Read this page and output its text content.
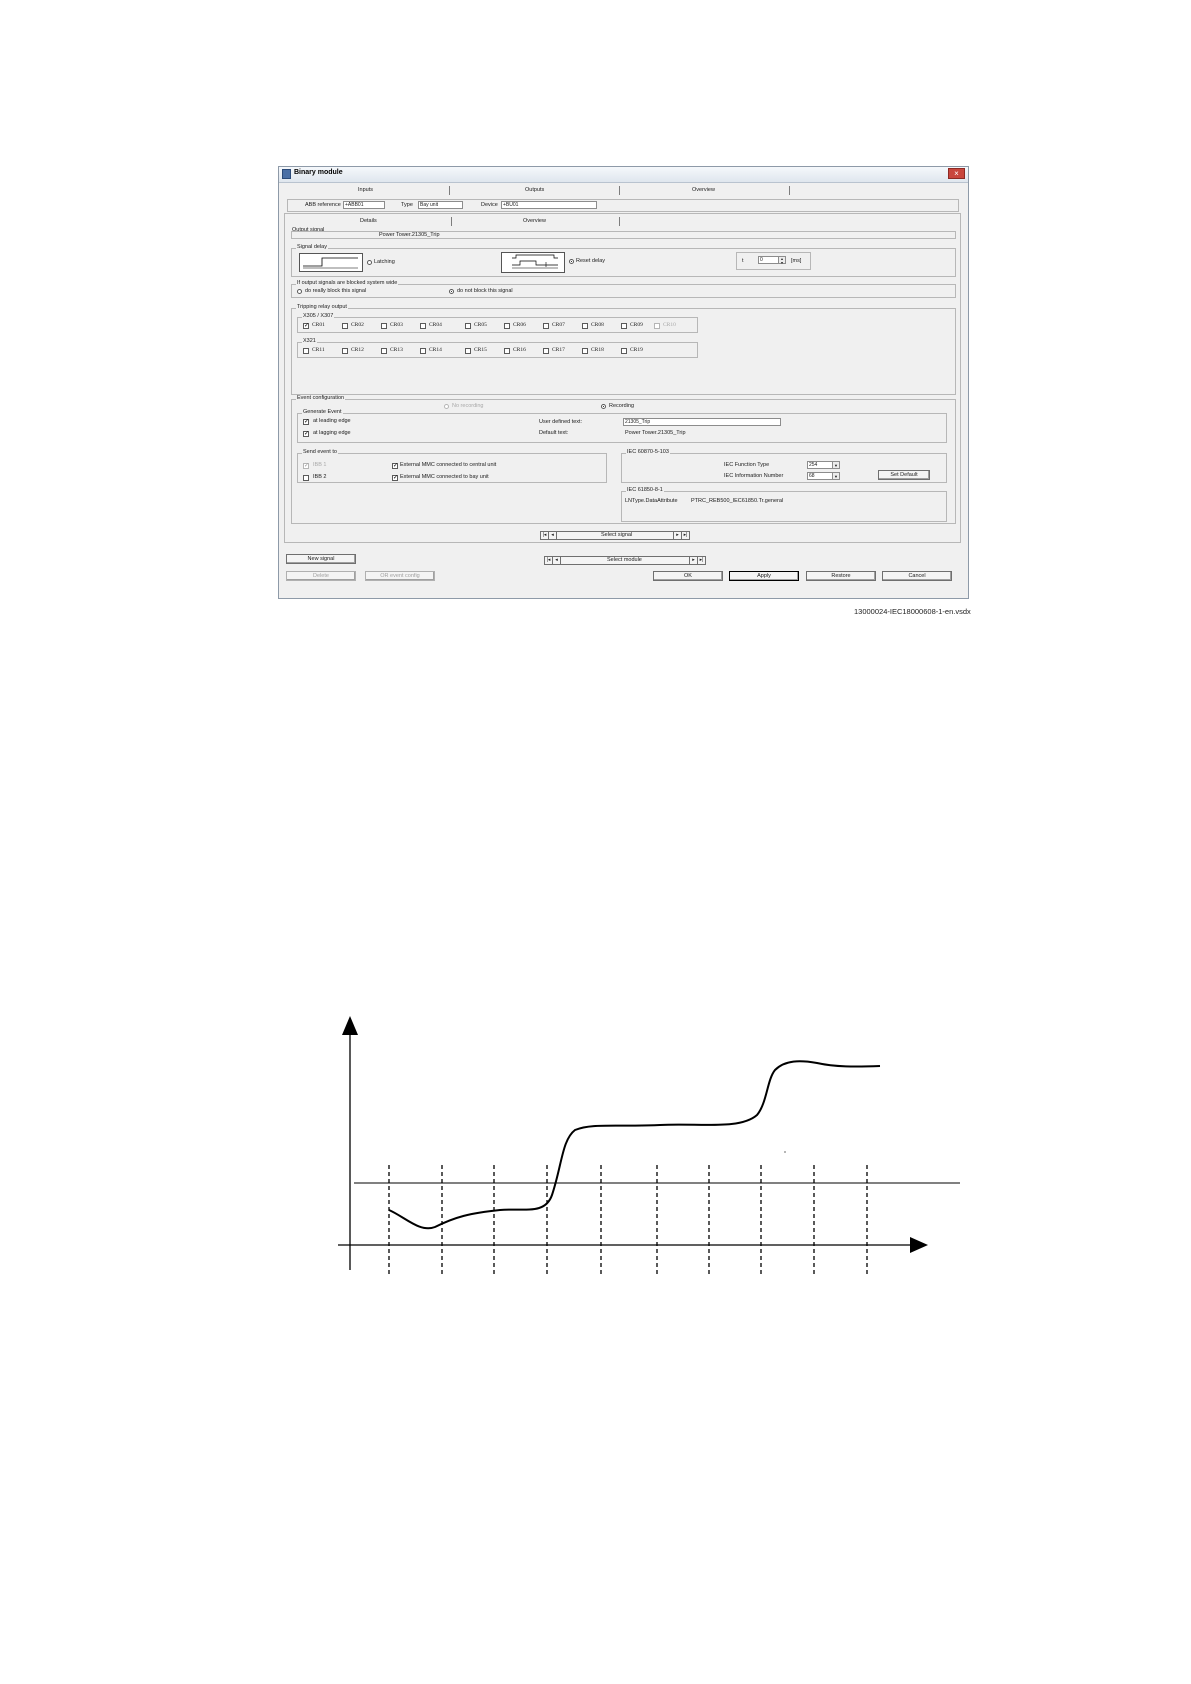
Binary module	×
Inputs	Outputs	Overview
ABB reference +ABB01	Type	Bay unit	Device	+BU01
Details	Overview
Output signal
Power Tower.21305_Trip
Signal delay
Latching	Reset delay	t	0	▴
▾	[ms]
If output signals are blocked system wide
do really block this signal	do not block this signal
Tripping relay output
X305 / X307
X321
Event configuration
No recording	Recording
Generate Event
✓ at leading edge
✓ at lagging edge
User defined text:	21305_Trip
Default text:	Power Tower.21305_Trip
Send event to
✓ IBB 1
IBB 2
✓ External MMC connected to central unit
✓ External MMC connected to bay unit
IEC 60870-5-103
IEC Function Type	254	▼
IEC Information Number	68	▼	Set Default
IEC 61850-8-1
LNType.DataAttribute PTRC_REB500_IEC61850.Tr.general
|◂ ◂	Select signal	▸ ▸|
New signal	|◂ ◂	Select module	▸ ▸|
Delete	OR event config	OK	Apply	Restore	Cancel
✓ CR01	CR02	CR03	CR04	CR05	CR06	CR07	CR08	CR09	CR10
CR11	CR12	CR13	CR14	CR15	CR16	CR17	CR18	CR19
13000024-IEC18000608-1-en.vsdx
